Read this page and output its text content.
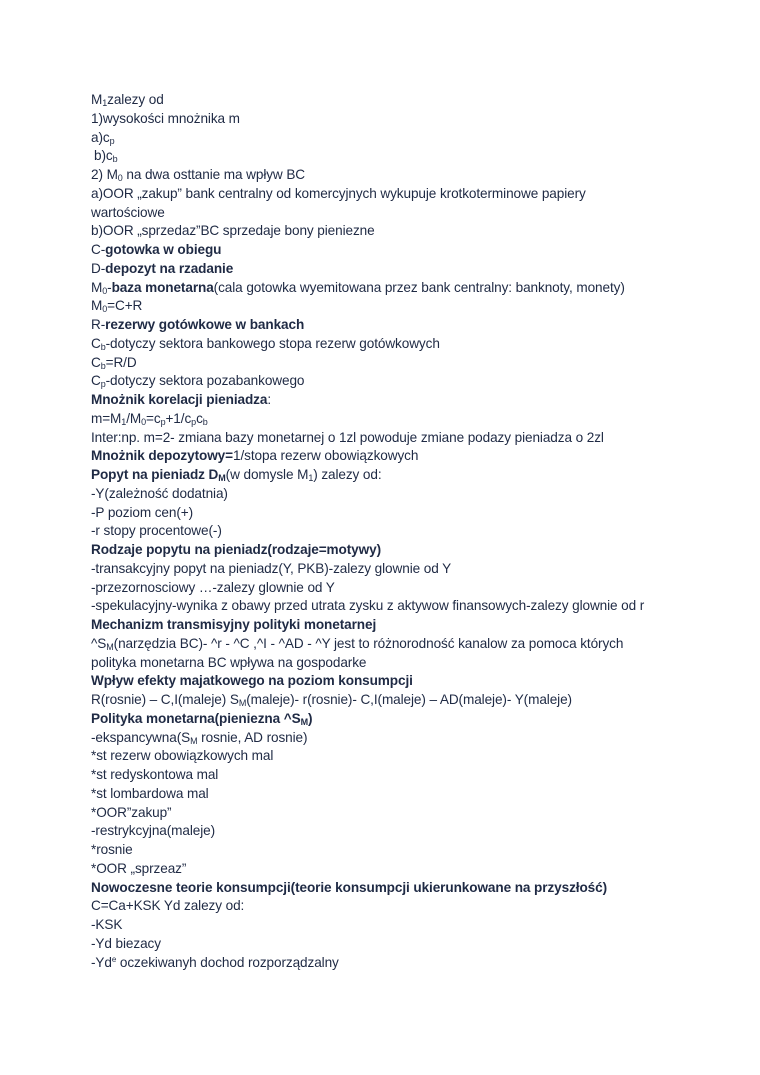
$M_1zalezy$ od
1)wysokości mnożnika m
$a)c_p$
$b)c_b$
2) $M_0$ na dwa osttanie ma wpływ BC
a)OOR „zakup” bank centralny od komercyjnych wykupuje krotkoterminowe papiery
wartościowe
b)OOR „sprzedaz”BC sprzedaje bony pieniezne
C-gotowka w obiegu
D-depozyt na rzadanie
$M_0$-baza monetarna(cala gotowka wyemitowana przez bank centralny: banknoty, monety)
$M_0=C+R$
R-rezerwy gotówkowe w bankach
$C_b$-dotyczy sektora bankowego stopa rezerw gotówkowych
$C_b=R/D$
$C_p$-dotyczy sektora pozabankowego
Mnożnik korelacji pieniadza:
$m=M_1/M_0=c_p+1/c_pc_b$
Inter:np. m=2- zmiana bazy monetarnej o 1zl powoduje zmiane podazy pieniadza o 2zl
Mnożnik depozytowy=1/stopa rezerw obowiązkowych
Popyt na pieniadz $D_M(w$ domysle $M_1$) zalezy od:
-Y(zależność dodatnia)
-P poziom cen(+)
-r stopy procentowe(-)
Rodzaje popytu na pieniadz(rodzaje=motywy)
-transakcyjny popyt na pieniadz(Y, PKB)-zalezy glownie od Y
-przezornosciowy …-zalezy glownie od Y
-spekulacyjny-wynika z obawy przed utrata zysku z aktywow finansowych-zalezy glownie od r
Mechanizm transmisyjny polityki monetarnej
$\^{}S_M(narzędzia$ BC)- ^r - ^C ,^I - ^AD - ^Y jest to różnorodność kanalow za pomoca których
polityka monetarna BC wpływa na gospodarke
Wpływ efekty majatkowego na poziom konsumpcji
R(rosnie) – C,I(maleje) $S_M(maleje)-$ r(rosnie)- C,I(maleje) – AD(maleje)- Y(maleje)
Polityka monetarna(pieniezna $\^{}S_M$)
$-ekspancywna(S_M$ rosnie, AD rosnie)
*st rezerw obowiązkowych mal
*st redyskontowa mal
*st lombardowa mal
*OOR”zakup”
-restrykcyjna(maleje)
*rosnie
*OOR „sprzeaz”
Nowoczesne teorie konsumpcji(teorie konsumpcji ukierunkowane na przyszłość)
C=Ca+KSK Yd zalezy od:
-KSK
-Yd biezacy
-Yd$^e$ oczekiwanyh dochod rozporządzalny
